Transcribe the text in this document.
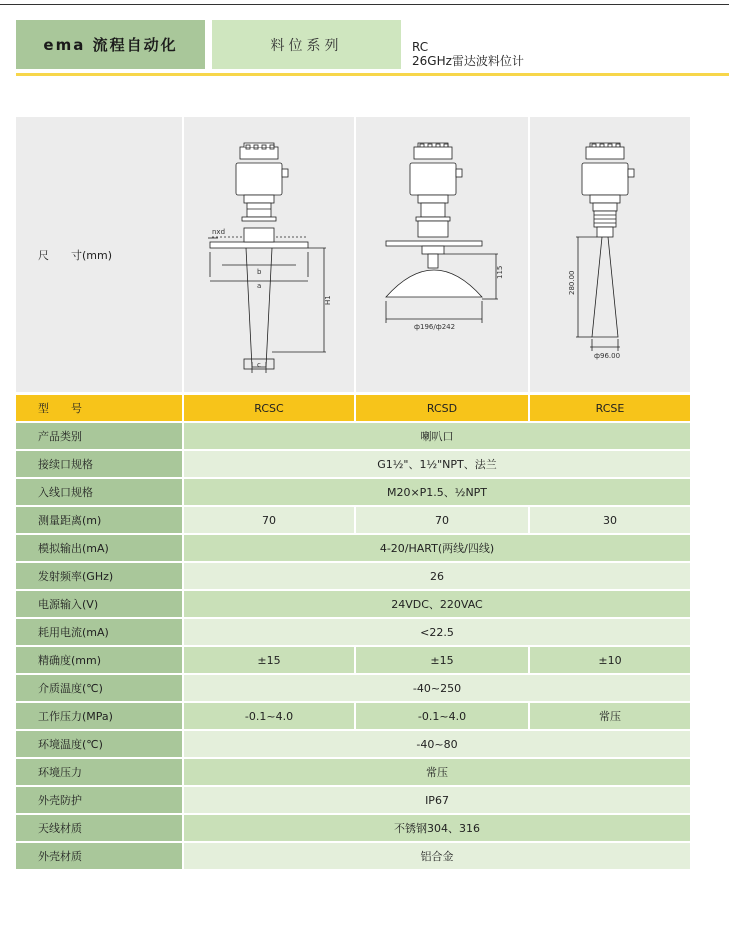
ema 流程自动化	料位系列	RC
26GHz雷达波料位计
尺　　寸(mm)
nxd
b
a
H1
c
115
ф196/ф242
280.00
ф96.00
型　　号	RCSC	RCSD	RCSE
产品类别	喇叭口
接续口规格	G1½"、1½"NPT、法兰
入线口规格	M20×P1.5、½NPT
测量距离(m)	70	70	30
模拟输出(mA)	4-20/HART(两线/四线)
发射频率(GHz)	26
电源输入(V)	24VDC、220VAC
耗用电流(mA)	<22.5
精确度(mm)	±15	±15	±10
介质温度(℃)	-40~250
工作压力(MPa)	-0.1~4.0	-0.1~4.0	常压
环境温度(℃)	-40~80
环境压力	常压
外壳防护	IP67
天线材质	不锈钢304、316
外壳材质	铝合金
